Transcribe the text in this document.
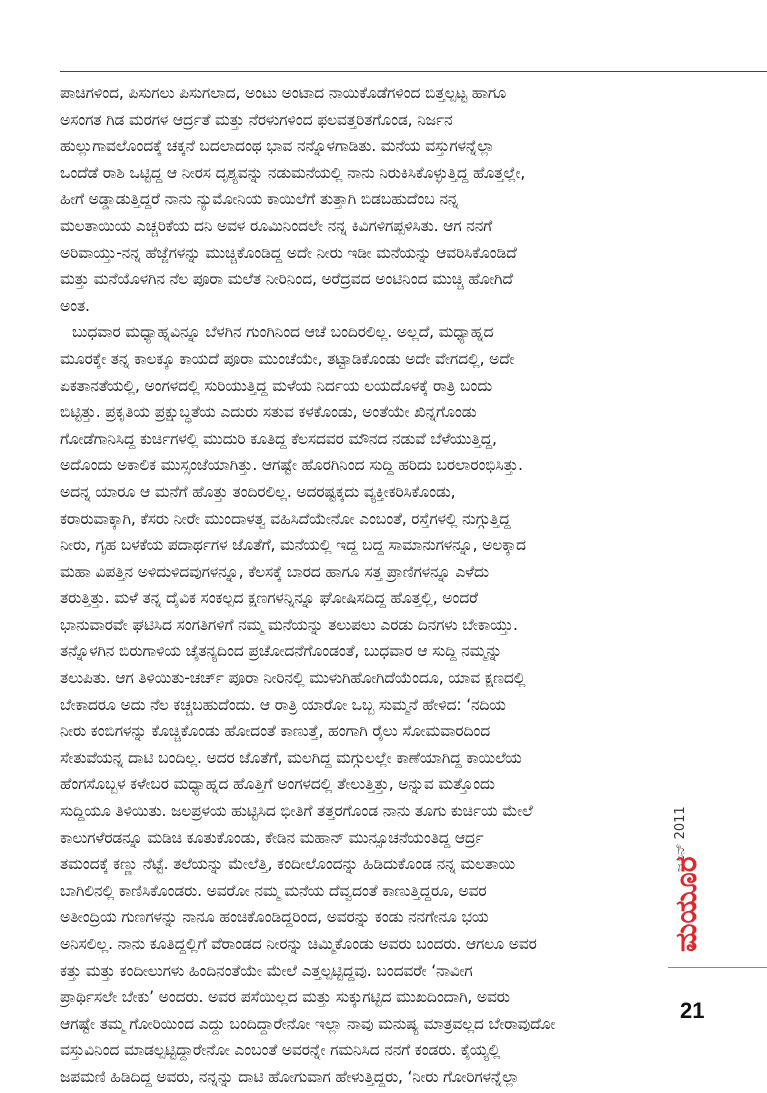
ಪಾಚಿಗಳಿಂದ, ಪಿಸುಗಲು ಪಿಸುಗಲಾದ, ಅಂಟು ಅಂಟಾದ ನಾಯಿಕೊಡೆಗಳಿಂದ ಬಿತ್ತಲ್ಪಟ್ಟ ಹಾಗೂ
ಅಸಂಗತ ಗಿಡ ಮರಗಳ ಆರ್ದ್ರತೆ ಮತ್ತು ನೆರಳುಗಳಿಂದ ಫಲವತ್ತರಿತಗೊಂಡ, ನಿರ್ಜನ
ಹುಲ್ಲುಗಾವಲೊಂದಕ್ಕೆ ಚಕ್ಕನೆ ಬದಲಾದಂಥ ಭಾವ ನನ್ನೊಳಗಾಡಿತು. ಮನೆಯ ವಸ್ತುಗಳನ್ನೆಲ್ಲಾ
ಒಂದೆಡೆ ರಾಶಿ ಒಟ್ಟಿದ್ದ ಆ ನೀರಸ ದೃಶ್ಯವನ್ನು ನಡುಮನೆಯಲ್ಲಿ ನಾನು ನಿರುಕಿಸಿಕೊಳ್ಳುತ್ತಿದ್ದ ಹೊತ್ತಲ್ಲೇ,
ಹೀಗೆ ಅಡ್ಡಾಡುತ್ತಿದ್ದರೆ ನಾನು ನ್ಯುಮೋನಿಯ ಕಾಯಿಲೆಗೆ ತುತ್ತಾಗಿ ಬಿಡಬಹುದೆಂಬ ನನ್ನ
ಮಲತಾಯಿಯ ಎಚ್ಚರಿಕೆಯ ದನಿ ಅವಳ ರೂಮಿನಿಂದಲೇ ನನ್ನ ಕಿವಿಗಳಿಗಪ್ಪಳಿಸಿತು. ಆಗ ನನಗೆ
ಅರಿವಾಯ್ತು-ನನ್ನ ಹೆಜ್ಜೆಗಳನ್ನು ಮುಚ್ಚಿಕೊಂಡಿದ್ದ ಅದೇ ನೀರು ಇಡೀ ಮನೆಯನ್ನು ಆವರಿಸಿಕೊಂಡಿದೆ
ಮತ್ತು ಮನೆಯೊಳಗಿನ ನೆಲ ಪೂರಾ ಮಲೆತ ನೀರಿನಿಂದ, ಅರೆದ್ರವದ ಅಂಟಿನಿಂದ ಮುಚ್ಚಿ ಹೋಗಿದೆ
ಅಂತ.
ಬುಧವಾರ ಮಧ್ಯಾಹ್ನವಿನ್ನೂ ಬೆಳಗಿನ ಗುಂಗಿನಿಂದ ಆಚೆ ಬಂದಿರಲಿಲ್ಲ. ಅಲ್ಲದೆ, ಮಧ್ಯಾಹ್ನದ
ಮೂರಕ್ಕೇ ತನ್ನ ಕಾಲಕ್ಕೂ ಕಾಯದೆ ಪೂರಾ ಮುಂಚೆಯೇ, ತಟ್ಟಾಡಿಕೊಂಡು ಅದೇ ವೇಗದಲ್ಲಿ, ಅದೇ
ಏಕತಾನತೆಯಲ್ಲಿ, ಅಂಗಳದಲ್ಲಿ ಸುರಿಯುತ್ತಿದ್ದ ಮಳೆಯ ನಿರ್ದಯ ಲಯದೊಳಕ್ಕೆ ರಾತ್ರಿ ಬಂದು
ಬಿಟ್ಟಿತ್ತು. ಪ್ರಕೃತಿಯ ಪ್ರಕ್ಷುಬ್ಧತೆಯ ಎದುರು ಸತುವ ಕಳಕೊಂಡು, ಅಂತೆಯೇ ಖಿನ್ನಗೊಂಡು
ಗೋಡೆಗಾನಿಸಿದ್ದ ಕುರ್ಚಿಗಳಲ್ಲಿ ಮುದುರಿ ಕೂತಿದ್ದ ಕೆಲಸದವರ ಮೌನದ ನಡುವೆ ಬೆಳೆಯುತ್ತಿದ್ದ,
ಅದೊಂದು ಅಕಾಲಿಕ ಮುಸ್ಸಂಜೆಯಾಗಿತ್ತು. ಆಗಷ್ಟೇ ಹೊರಗಿನಿಂದ ಸುದ್ದಿ ಹರಿದು ಬರಲಾರಂಭಿಸಿತ್ತು.
ಅದನ್ನ ಯಾರೂ ಆ ಮನೆಗೆ ಹೊತ್ತು ತಂದಿರಲಿಲ್ಲ. ಅದರಷ್ಟಕ್ಕದು ವ್ಯಕ್ತೀಕರಿಸಿಕೊಂಡು,
ಕರಾರುವಾಕ್ಕಾಗಿ, ಕೆಸರು ನೀರೇ ಮುಂದಾಳತ್ವ ವಹಿಸಿದೆಯೇನೋ ಎಂಬಂತೆ, ರಸ್ತೆಗಳಲ್ಲಿ ನುಗ್ಗುತ್ತಿದ್ದ
ನೀರು, ಗೃಹ ಬಳಕೆಯ ಪದಾರ್ಥಗಳ ಜೊತೆಗೆ, ಮನೆಯಲ್ಲಿ ಇದ್ದ ಬದ್ದ ಸಾಮಾನುಗಳನ್ನೂ, ಅಲಕ್ಕಾದ
ಮಹಾ ವಿಪತ್ತಿನ ಅಳಿದುಳಿದವುಗಳನ್ನೂ, ಕೆಲಸಕ್ಕೆ ಬಾರದ ಹಾಗೂ ಸತ್ತ ಪ್ರಾಣಿಗಳನ್ನೂ ಎಳೆದು
ತರುತ್ತಿತ್ತು. ಮಳೆ ತನ್ನ ದೈವಿಕ ಸಂಕಲ್ಪದ ಕ್ಷಣಗಳನ್ನಿನ್ನೂ ಘೋಷಿಸದಿದ್ದ ಹೊತ್ತಲ್ಲಿ, ಅಂದರೆ
ಭಾನುವಾರವೇ ಘಟಿಸಿದ ಸಂಗತಿಗಳಿಗೆ ನಮ್ಮ ಮನೆಯನ್ನು ತಲುಪಲು ಎರಡು ದಿನಗಳು ಬೇಕಾಯ್ತು.
ತನ್ನೊಳಗಿನ ಬಿರುಗಾಳಿಯ ಚೈತನ್ಯದಿಂದ ಪ್ರಚೋದನೆಗೊಂಡಂತೆ, ಬುಧವಾರ ಆ ಸುದ್ದಿ ನಮ್ಮನ್ನು
ತಲುಪಿತು. ಆಗ ತಿಳಿಯಿತು-ಚರ್ಚ್ ಪೂರಾ ನೀರಿನಲ್ಲಿ ಮುಳುಗಿಹೋಗಿದೆಯೆಂದೂ, ಯಾವ ಕ್ಷಣದಲ್ಲಿ
ಬೇಕಾದರೂ ಅದು ನೆಲ ಕಚ್ಚಬಹುದೆಂದು. ಆ ರಾತ್ರಿ ಯಾರೋ ಒಬ್ಬ ಸುಮ್ಮನೆ ಹೇಳಿದ: ‘ನದಿಯ
ನೀರು ಕಂಬಿಗಳನ್ನು ಕೊಚ್ಚಿಕೊಂಡು ಹೋದಂತೆ ಕಾಣುತ್ತೆ, ಹಂಗಾಗಿ ರೈಲು ಸೋಮವಾರದಿಂದ
ಸೇತುವೆಯನ್ನ ದಾಟಿ ಬಂದಿಲ್ಲ. ಅದರ ಜೊತೆಗೆ, ಮಲಗಿದ್ದ ಮಗ್ಗುಲಲ್ಲೇ ಕಾಣೆಯಾಗಿದ್ದ ಕಾಯಿಲೆಯ
ಹೆಂಗಸೊಬ್ಬಳ ಕಳೇಬರ ಮಧ್ಯಾಹ್ನದ ಹೊತ್ತಿಗೆ ಅಂಗಳದಲ್ಲಿ ತೇಲುತ್ತಿತ್ತು, ಅನ್ನುವ ಮತ್ತೊಂದು
ಸುದ್ದಿಯೂ ತಿಳಿಯಿತು. ಜಲಪ್ರಳಯ ಹುಟ್ಟಿಸಿದ ಭೀತಿಗೆ ತತ್ತರಗೊಂಡ ನಾನು ತೂಗು ಕುರ್ಚಿಯ ಮೇಲೆ
ಕಾಲುಗಳೆರಡನ್ನೂ ಮಡಿಚಿ ಕೂತುಕೊಂಡು, ಕೇಡಿನ ಮಹಾನ್ ಮುನ್ಸೂಚನೆಯಂತಿದ್ದ ಆರ್ದ್ರ
ತಮಂದಕ್ಕೆ ಕಣ್ಣು ನೆಟ್ಟೆ. ತಲೆಯನ್ನು ಮೇಲೆತ್ತಿ, ಕಂದೀಲೊಂದನ್ನು ಹಿಡಿದುಕೊಂಡ ನನ್ನ ಮಲತಾಯಿ
ಬಾಗಿಲಿನಲ್ಲಿ ಕಾಣಿಸಿಕೊಂಡರು. ಅವರೋ ನಮ್ಮ ಮನೆಯ ದೆವ್ವದಂತೆ ಕಾಣುತ್ತಿದ್ದರೂ, ಅವರ
ಅತೀಂದ್ರಿಯ ಗುಣಗಳನ್ನು ನಾನೂ ಹಂಚಿಕೊಂಡಿದ್ದರಿಂದ, ಅವರನ್ನು ಕಂಡು ನನಗೇನೂ ಭಯ
ಅನಿಸಲಿಲ್ಲ. ನಾನು ಕೂತಿದ್ದಲ್ಲಿಗೆ ವೆರಾಂಡದ ನೀರನ್ನು ಚಿಮ್ಮಿಕೊಂಡು ಅವರು ಬಂದರು. ಆಗಲೂ ಅವರ
ಕತ್ತು ಮತ್ತು ಕಂದೀಲುಗಳು ಹಿಂದಿನಂತೆಯೇ ಮೇಲೆ ಎತ್ತಲ್ಪಟ್ಟಿದ್ದವು. ಬಂದವರೇ ‘ನಾವೀಗ
ಪ್ರಾರ್ಥಿಸಲೇ ಬೇಕು’ ಅಂದರು. ಅವರ ಪಸೆಯಿಲ್ಲದ ಮತ್ತು ಸುಕ್ಕುಗಟ್ಟಿದ ಮುಖದಿಂದಾಗಿ, ಅವರು
ಆಗಷ್ಟೇ ತಮ್ಮ ಗೋರಿಯಿಂದ ಎದ್ದು ಬಂದಿದ್ದಾರೇನೋ ಇಲ್ಲಾ ನಾವು ಮನುಷ್ಯ ಮಾತ್ರವಲ್ಲದ ಬೇರಾವುದೋ
ವಸ್ತುವಿನಿಂದ ಮಾಡಲ್ಪಟ್ಟಿದ್ದಾರೇನೋ ಎಂಬಂತೆ ಅವರನ್ನೇ ಗಮನಿಸಿದ ನನಗೆ ಕಂಡರು. ಕೈಯ್ಯಲ್ಲಿ
ಜಪಮಣಿ ಹಿಡಿದಿದ್ದ ಅವರು, ನನ್ನನ್ನು ದಾಟಿ ಹೋಗುವಾಗ ಹೇಳುತ್ತಿದ್ದರು, ‘ನೀರು ಗೋರಿಗಳನ್ನೆಲ್ಲಾ
ಜೂನ್ 2011
ಮಯೂರ
21
